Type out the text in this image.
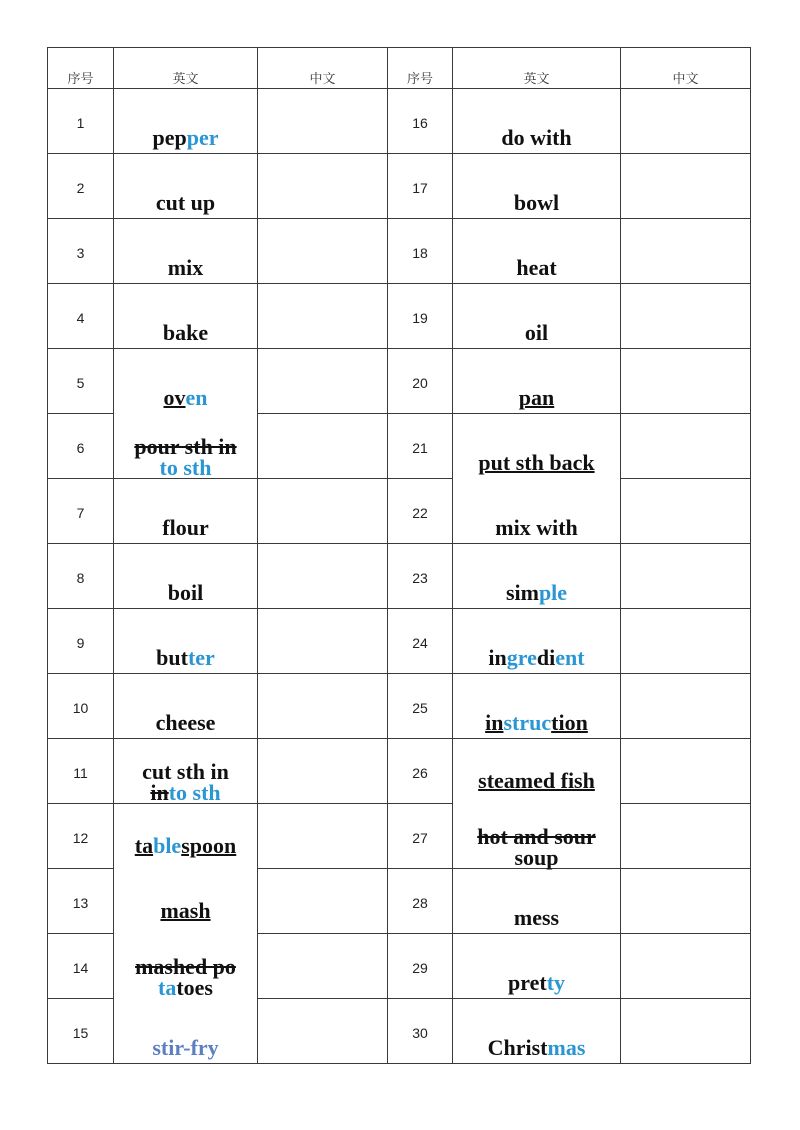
序号	英文	中文	序号	英文	中文

1	pepper		16	do with	

2	cut up		17	bowl	

3	mix		18	heat	

4	bake		19	oil	

5	oven		20	pan	

6	pour sth in
to sth		21	put sth back	

7	flour		22	mix with	

8	boil		23	simple	

9	butter		24	ingredient	

10	cheese		25	instruction	

11	cut sth in
into sth		26	steamed fish	

12	tablespoon		27	hot and sour
soup	

13	mash		28	mess	

14	mashed po
tatoes		29	pretty	

15	stir-fry		30	Christmas	
